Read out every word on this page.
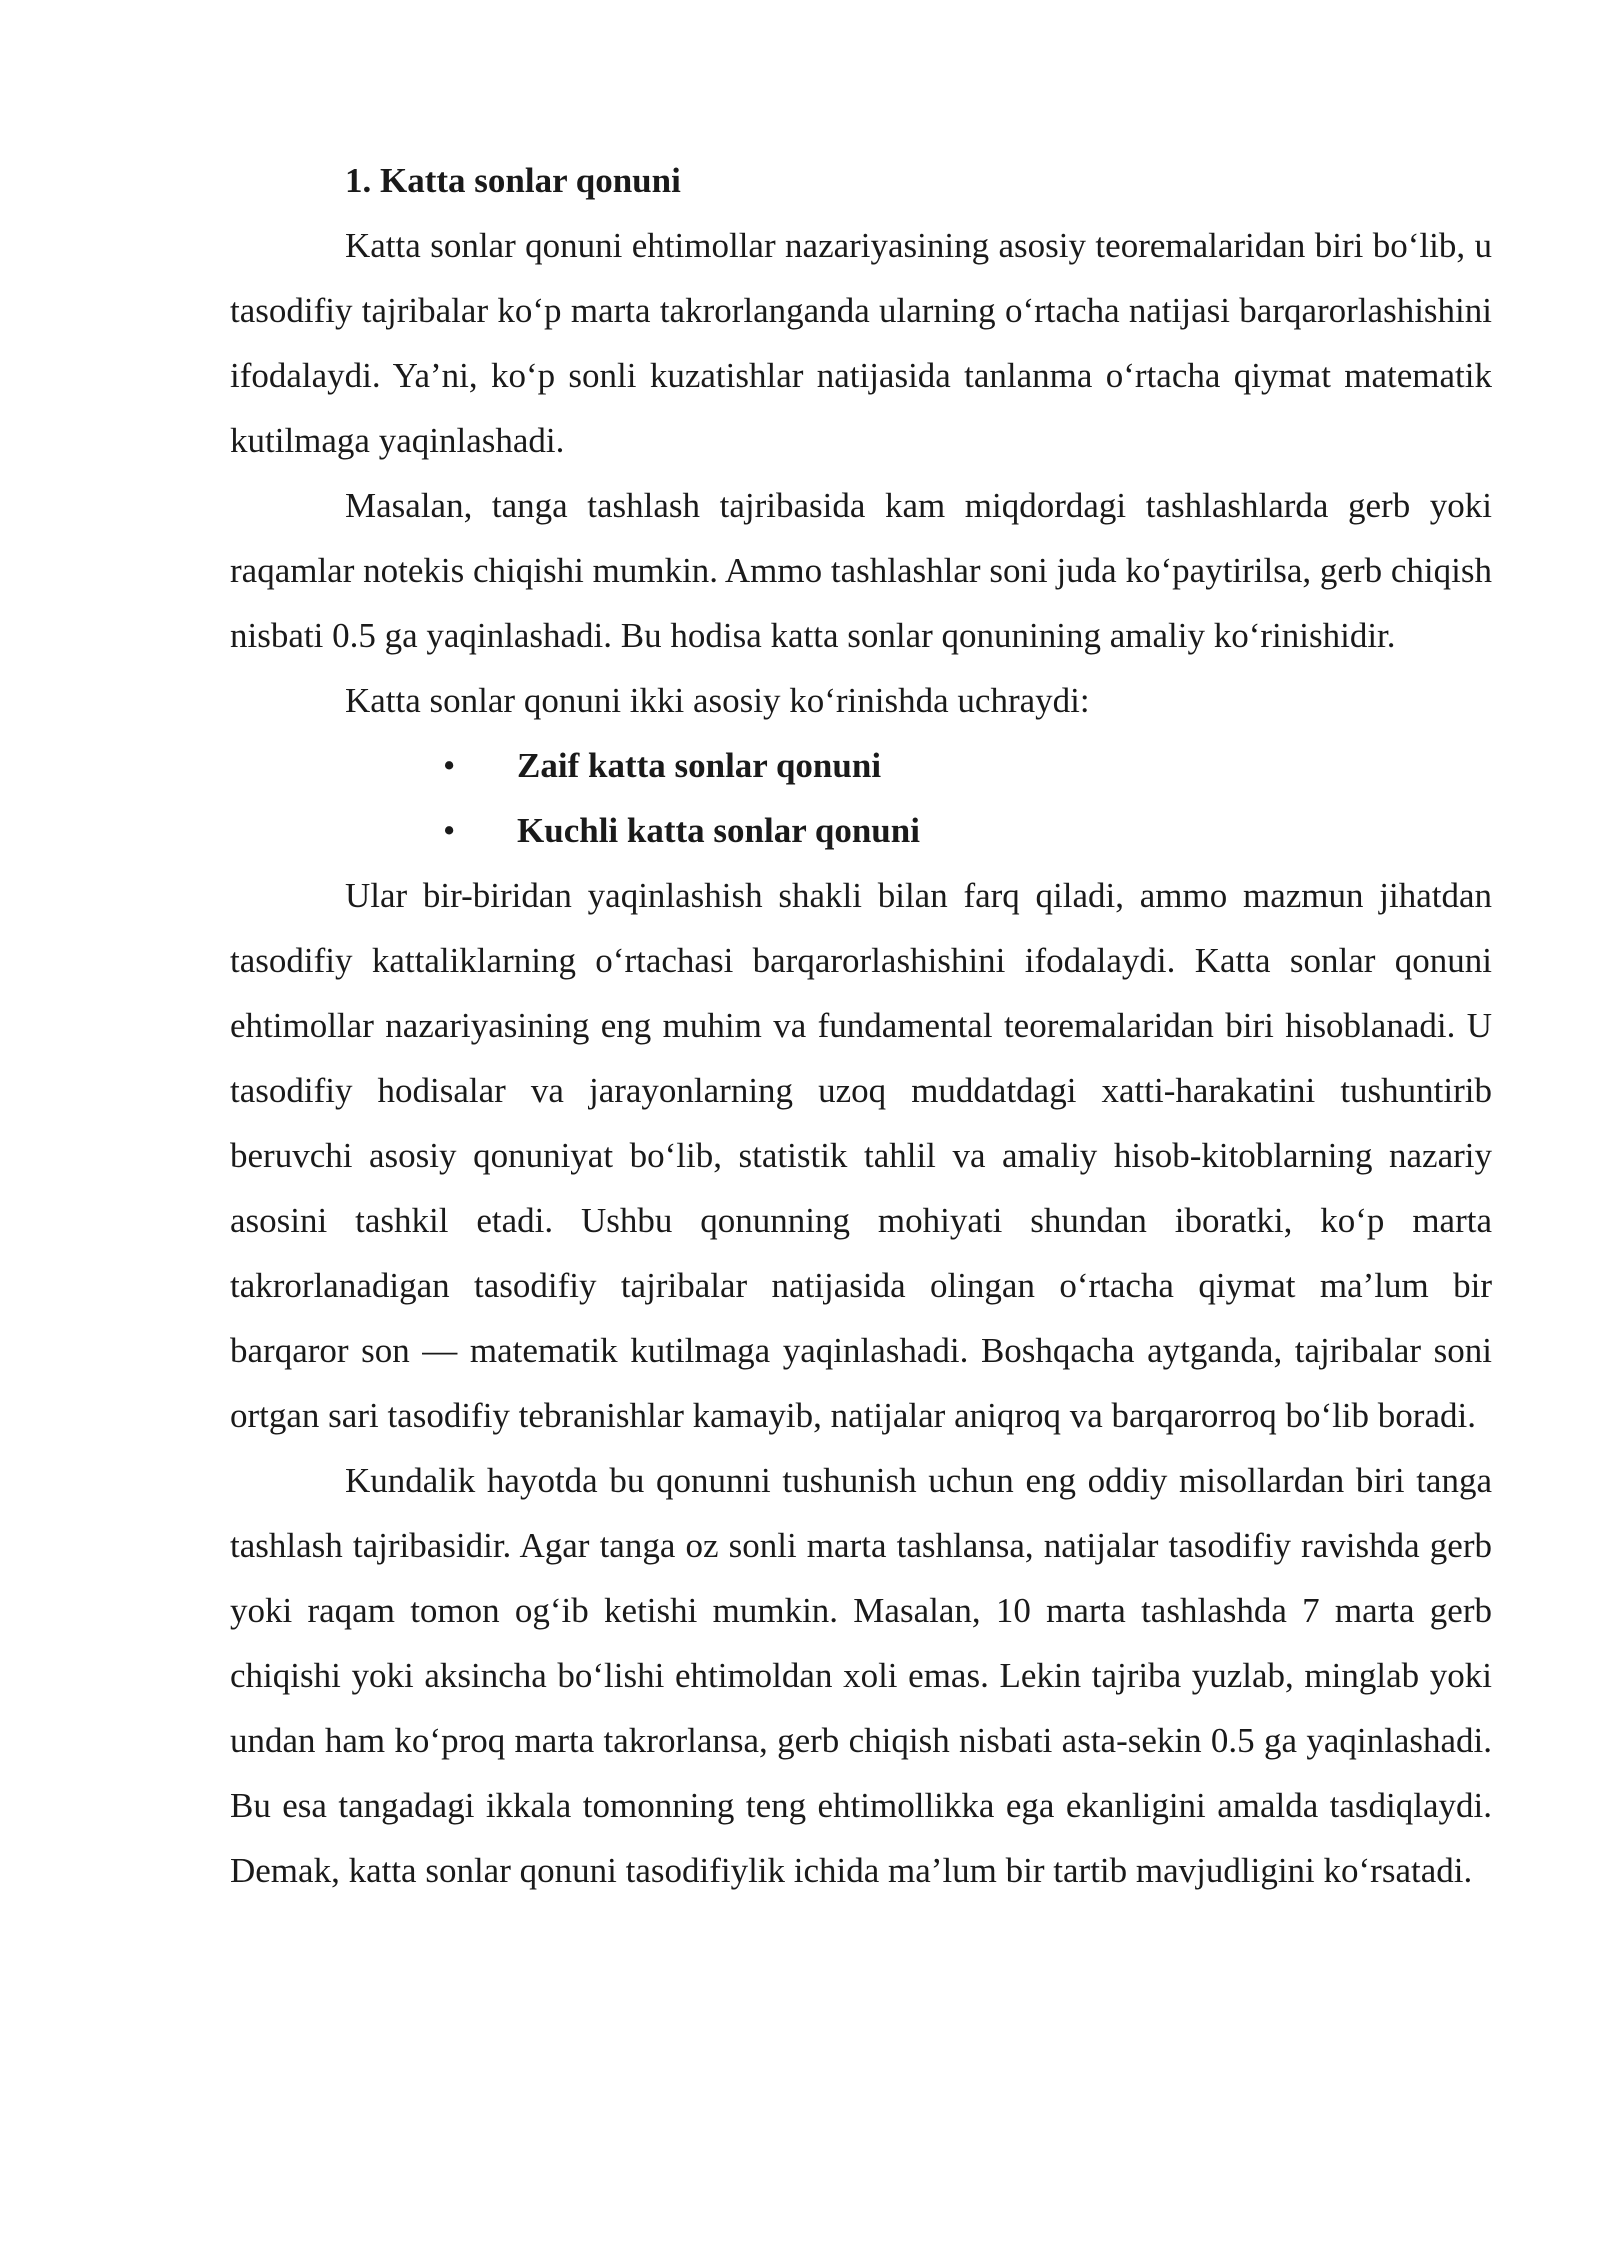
1. Katta sonlar qonuni

Katta sonlar qonuni ehtimollar nazariyasining asosiy teoremalaridan biri bo‘lib, u tasodifiy tajribalar ko‘p marta takrorlanganda ularning o‘rtacha natijasi barqarorlashishini ifodalaydi. Ya’ni, ko‘p sonli kuzatishlar natijasida tanlanma o‘rtacha qiymat matematik kutilmaga yaqinlashadi.

Masalan, tanga tashlash tajribasida kam miqdordagi tashlashlarda gerb yoki raqamlar notekis chiqishi mumkin. Ammo tashlashlar soni juda ko‘paytirilsa, gerb chiqish nisbati 0.5 ga yaqinlashadi. Bu hodisa katta sonlar qonunining amaliy ko‘rinishidir.

Katta sonlar qonuni ikki asosiy ko‘rinishda uchraydi:

• Zaif katta sonlar qonuni
• Kuchli katta sonlar qonuni

Ular bir-biridan yaqinlashish shakli bilan farq qiladi, ammo mazmun jihatdan tasodifiy kattaliklarning o‘rtachasi barqarorlashishini ifodalaydi. Katta sonlar qonuni ehtimollar nazariyasining eng muhim va fundamental teoremalaridan biri hisoblanadi. U tasodifiy hodisalar va jarayonlarning uzoq muddatdagi xatti-harakatini tushuntirib beruvchi asosiy qonuniyat bo‘lib, statistik tahlil va amaliy hisob-kitoblarning nazariy asosini tashkil etadi. Ushbu qonunning mohiyati shundan iboratki, ko‘p marta takrorlanadigan tasodifiy tajribalar natijasida olingan o‘rtacha qiymat ma’lum bir barqaror son — matematik kutilmaga yaqinlashadi. Boshqacha aytganda, tajribalar soni ortgan sari tasodifiy tebranishlar kamayib, natijalar aniqroq va barqarorroq bo‘lib boradi.

Kundalik hayotda bu qonunni tushunish uchun eng oddiy misollardan biri tanga tashlash tajribasidir. Agar tanga oz sonli marta tashlansa, natijalar tasodifiy ravishda gerb yoki raqam tomon og‘ib ketishi mumkin. Masalan, 10 marta tashlashda 7 marta gerb chiqishi yoki aksincha bo‘lishi ehtimoldan xoli emas. Lekin tajriba yuzlab, minglab yoki undan ham ko‘proq marta takrorlansa, gerb chiqish nisbati asta-sekin 0.5 ga yaqinlashadi. Bu esa tangadagi ikkala tomonning teng ehtimollikka ega ekanligini amalda tasdiqlaydi. Demak, katta sonlar qonuni tasodifiylik ichida ma’lum bir tartib mavjudligini ko‘rsatadi.
